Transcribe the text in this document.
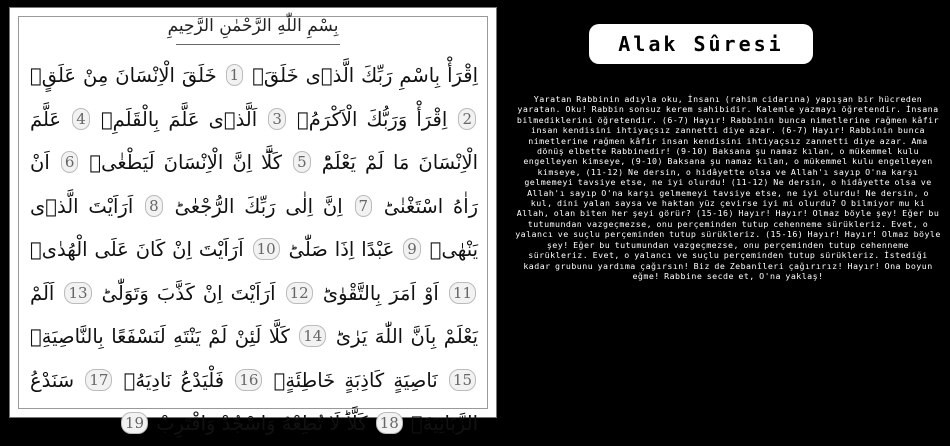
بِسْمِ اللّٰهِ الرَّحْمٰنِ الرَّحِيمِ
اِقْرَأْ بِاسْمِ رَبِّكَ الَّذٖى خَلَقَۚ 1 خَلَقَ الْاِنْسَانَ مِنْ عَلَقٍۚ 2 اِقْرَأْ وَرَبُّكَ الْاَكْرَمُۙ 3 اَلَّذٖى عَلَّمَ بِالْقَلَمِۙ 4 عَلَّمَ الْاِنْسَانَ مَا لَمْ يَعْلَمْؕ 5 كَلَّٓا اِنَّ الْاِنْسَانَ لَيَطْغٰىۙ 6 اَنْ رَاٰهُ اسْتَغْنٰىؕ 7 اِنَّ اِلٰى رَبِّكَ الرُّجْعٰىؕ 8 اَرَاَيْتَ الَّذٖى يَنْهٰىۙ 9 عَبْدًا اِذَا صَلّٰىؕ 10 اَرَاَيْتَ اِنْ كَانَ عَلَى الْهُدٰىۙ 11 اَوْ اَمَرَ بِالتَّقْوٰىؕ 12 اَرَاَيْتَ اِنْ كَذَّبَ وَتَوَلّٰىؕ 13 اَلَمْ يَعْلَمْ بِاَنَّ اللّٰهَ يَرٰىؕ 14 كَلَّا لَئِنْ لَمْ يَنْتَهِ لَنَسْفَعًا بِالنَّاصِيَةِۙ 15 نَاصِيَةٍ كَاذِبَةٍ خَاطِئَةٍۚ 16 فَلْيَدْعُ نَادِيَهُۙ 17 سَنَدْعُ الزَّبَانِيَةَۙ 18 كَلَّاؕ لَا تُطِعْهُ وَاسْجُدْ وَاقْتَرِبْ 19
Alak Sûresi
Yaratan Rabbinin adıyla oku, İnsanı (rahim cidarına) yapışan bir hücreden yaratan. Oku! Rabbin sonsuz kerem sahibidir. Kalemle yazmayı öğretendir. İnsana bilmediklerini öğretendir. (6-7) Hayır! Rabbinin bunca nimetlerine rağmen kâfir insan kendisini ihtiyaçsız zannetti diye azar. (6-7) Hayır! Rabbinin bunca nimetlerine rağmen kâfir insan kendisini ihtiyaçsız zannetti diye azar. Ama dönüş elbette Rabbinedir! (9-10) Baksana şu namaz kılan, o mükemmel kulu engelleyen kimseye, (9-10) Baksana şu namaz kılan, o mükemmel kulu engelleyen kimseye, (11-12) Ne dersin, o hidâyette olsa ve Allah'ı sayıp O'na karşı gelmemeyi tavsiye etse, ne iyi olurdu! (11-12) Ne dersin, o hidâyette olsa ve Allah'ı sayıp O'na karşı gelmemeyi tavsiye etse, ne iyi olurdu! Ne dersin, o kul, dini yalan saysa ve haktan yüz çevirse iyi mi olurdu? O bilmiyor mu ki Allah, olan biten her şeyi görür? (15-16) Hayır! Hayır! Olmaz böyle şey! Eğer bu tutumundan vazgeçmezse, onu perçeminden tutup cehenneme sürükleriz. Evet, o yalancı ve suçlu perçeminden tutup sürükleriz. (15-16) Hayır! Hayır! Olmaz böyle şey! Eğer bu tutumundan vazgeçmezse, onu perçeminden tutup cehenneme sürükleriz. Evet, o yalancı ve suçlu perçeminden tutup sürükleriz. İstediği kadar grubunu yardıma çağırsın! Biz de Zebanîleri çağırırız! Hayır! Ona boyun eğme! Rabbine secde et, O'na yaklaş!
